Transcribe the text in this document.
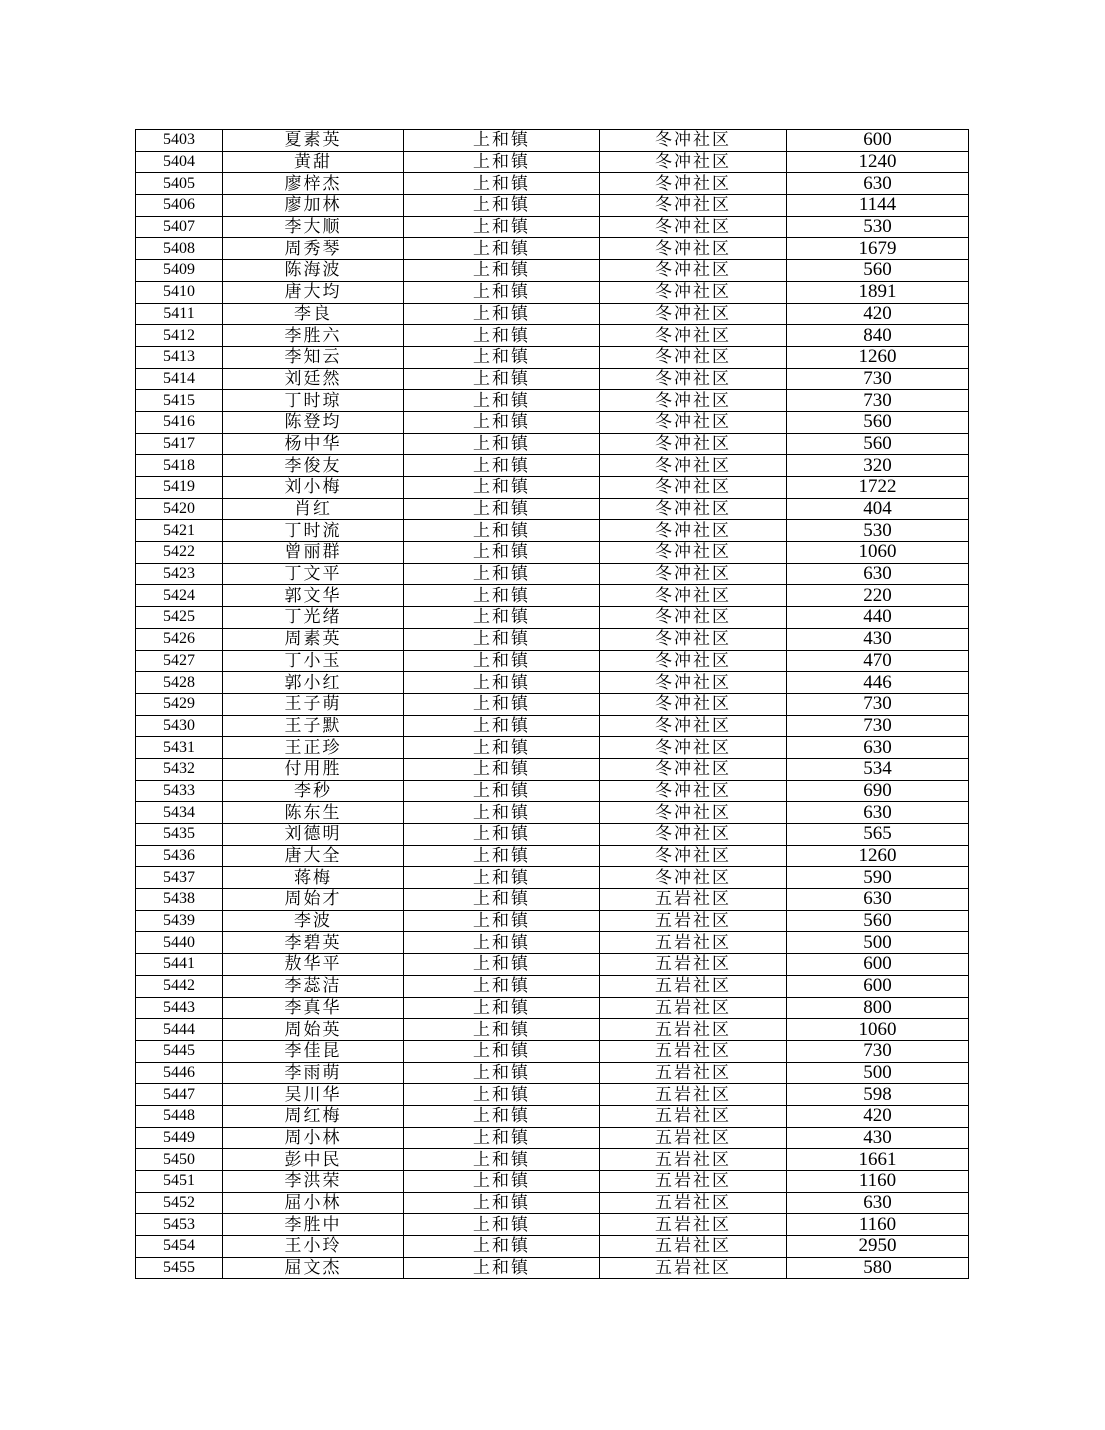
5403	夏素英	上和镇	冬冲社区	600
5404	黄甜	上和镇	冬冲社区	1240
5405	廖梓杰	上和镇	冬冲社区	630
5406	廖加林	上和镇	冬冲社区	1144
5407	李大顺	上和镇	冬冲社区	530
5408	周秀琴	上和镇	冬冲社区	1679
5409	陈海波	上和镇	冬冲社区	560
5410	唐大均	上和镇	冬冲社区	1891
5411	李良	上和镇	冬冲社区	420
5412	李胜六	上和镇	冬冲社区	840
5413	李知云	上和镇	冬冲社区	1260
5414	刘廷然	上和镇	冬冲社区	730
5415	丁时琼	上和镇	冬冲社区	730
5416	陈登均	上和镇	冬冲社区	560
5417	杨中华	上和镇	冬冲社区	560
5418	李俊友	上和镇	冬冲社区	320
5419	刘小梅	上和镇	冬冲社区	1722
5420	肖红	上和镇	冬冲社区	404
5421	丁时流	上和镇	冬冲社区	530
5422	曾丽群	上和镇	冬冲社区	1060
5423	丁文平	上和镇	冬冲社区	630
5424	郭文华	上和镇	冬冲社区	220
5425	丁光绪	上和镇	冬冲社区	440
5426	周素英	上和镇	冬冲社区	430
5427	丁小玉	上和镇	冬冲社区	470
5428	郭小红	上和镇	冬冲社区	446
5429	王子萌	上和镇	冬冲社区	730
5430	王子默	上和镇	冬冲社区	730
5431	王正珍	上和镇	冬冲社区	630
5432	付用胜	上和镇	冬冲社区	534
5433	李秒	上和镇	冬冲社区	690
5434	陈东生	上和镇	冬冲社区	630
5435	刘德明	上和镇	冬冲社区	565
5436	唐大全	上和镇	冬冲社区	1260
5437	蒋梅	上和镇	冬冲社区	590
5438	周始才	上和镇	五岩社区	630
5439	李波	上和镇	五岩社区	560
5440	李碧英	上和镇	五岩社区	500
5441	敖华平	上和镇	五岩社区	600
5442	李蕊洁	上和镇	五岩社区	600
5443	李真华	上和镇	五岩社区	800
5444	周始英	上和镇	五岩社区	1060
5445	李佳昆	上和镇	五岩社区	730
5446	李雨萌	上和镇	五岩社区	500
5447	吴川华	上和镇	五岩社区	598
5448	周红梅	上和镇	五岩社区	420
5449	周小林	上和镇	五岩社区	430
5450	彭中民	上和镇	五岩社区	1661
5451	李洪荣	上和镇	五岩社区	1160
5452	屈小林	上和镇	五岩社区	630
5453	李胜中	上和镇	五岩社区	1160
5454	王小玲	上和镇	五岩社区	2950
5455	屈文杰	上和镇	五岩社区	580
